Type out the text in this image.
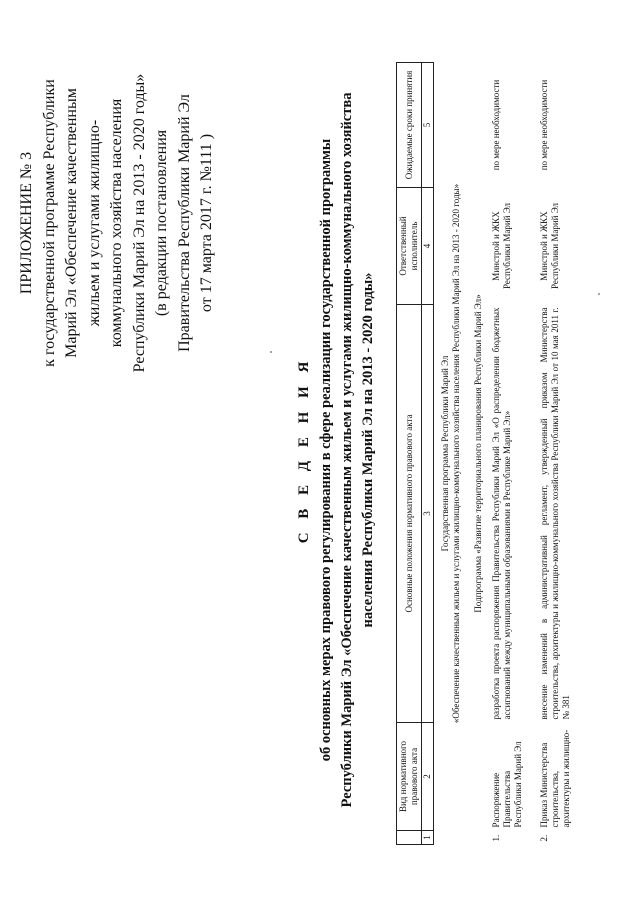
ПРИЛОЖЕНИЕ № 3 к государственной программе Республики Марий Эл «Обеспечение качественным жильем и услугами жилищно- коммунального хозяйства населения Республики Марий Эл на 2013 - 2020 годы» (в редакции постановления Правительства Республики Марий Эл от 17 марта 2017 г. №111 )
С В Е Д Е Н И Я об основных мерах правового регулирования в сфере реализации государственной программы Республики Марий Эл «Обеспечение качественным жильем и услугами жилищно-коммунального хозяйства населения Республики Марий Эл на 2013 - 2020 годы»
	Вид нормативного правового акта	Основные положения нормативного правового акта	Ответственный исполнитель	Ожидаемые сроки принятия
1	2	3	4	5
Государственная программа Республики Марий Эл				
«Обеспечение качественным жильем и услугами жилищно-коммунального хозяйства населения Республики Марий Эл на 2013 - 2020 годы»				
Подпрограмма «Развитие территориального планирования Республики Марий Эл»				
1.	Распоряжение Правительства Республики Марий Эл	разработка проекта распоряжения Правительства Республики Марий Эл «О распределении бюджетных ассигнований между муниципальными образованиями в Республике Марий Эл»	Минстрой и ЖКХ Республики Марий Эл	по мере необходимости
2.	Приказ Министерства строительства, архитектуры и жилищно-	внесение изменений в административный регламент, утвержденный приказом Министерства строительства, архитектуры и жилищно-коммунального хозяйства Республики Марий Эл от 10 мая 2011 г. № 381	Минстрой и ЖКХ Республики Марий Эл	по мере необходимости
